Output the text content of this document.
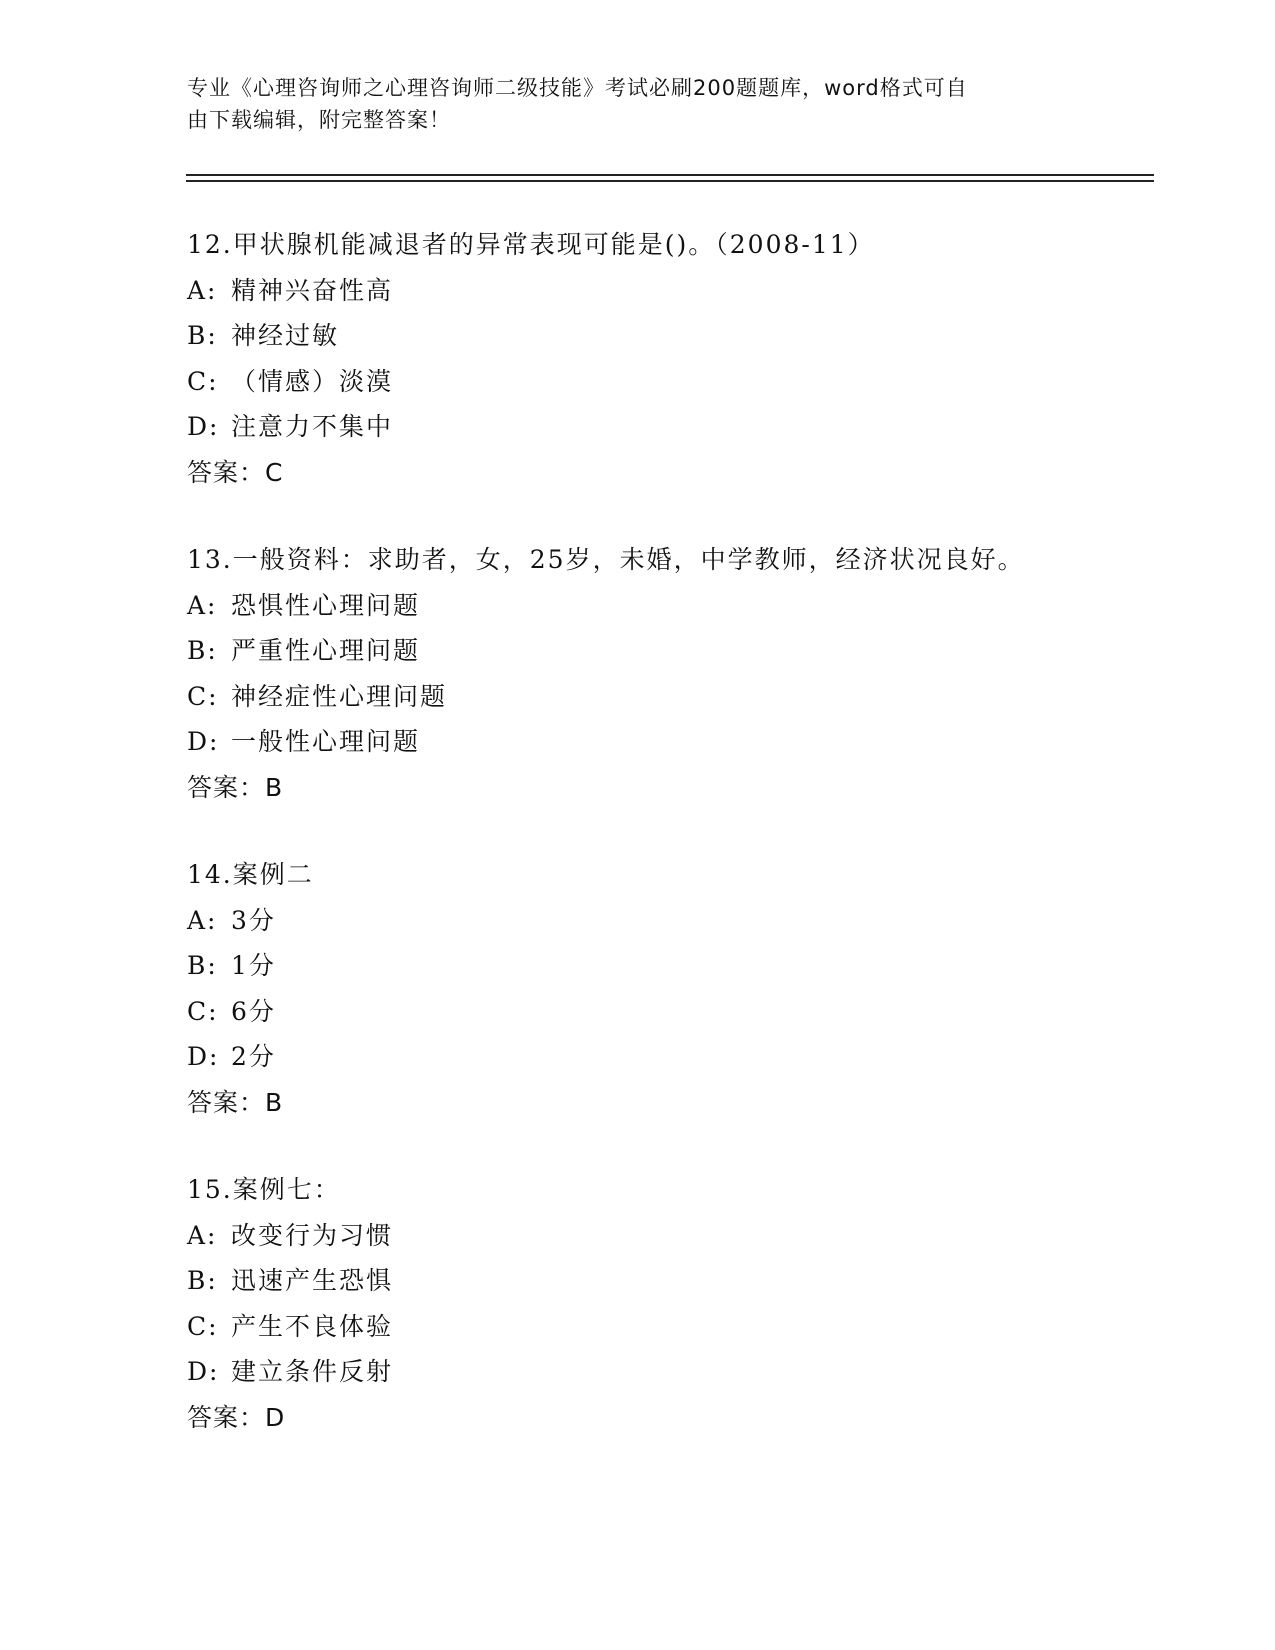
专业《心理咨询师之心理咨询师二级技能》考试必刷200题题库，word格式可自
由下载编辑，附完整答案！
12.甲状腺机能减退者的异常表现可能是()。（2008-11）
A: 精神兴奋性高
B: 神经过敏
C: （情感）淡漠
D: 注意力不集中
答案：C
13.一般资料：求助者，女，25岁，未婚，中学教师，经济状况良好。
A: 恐惧性心理问题
B: 严重性心理问题
C: 神经症性心理问题
D: 一般性心理问题
答案：B
14.案例二
A: 3分
B: 1分
C: 6分
D: 2分
答案：B
15.案例七：
A: 改变行为习惯
B: 迅速产生恐惧
C: 产生不良体验
D: 建立条件反射
答案：D
